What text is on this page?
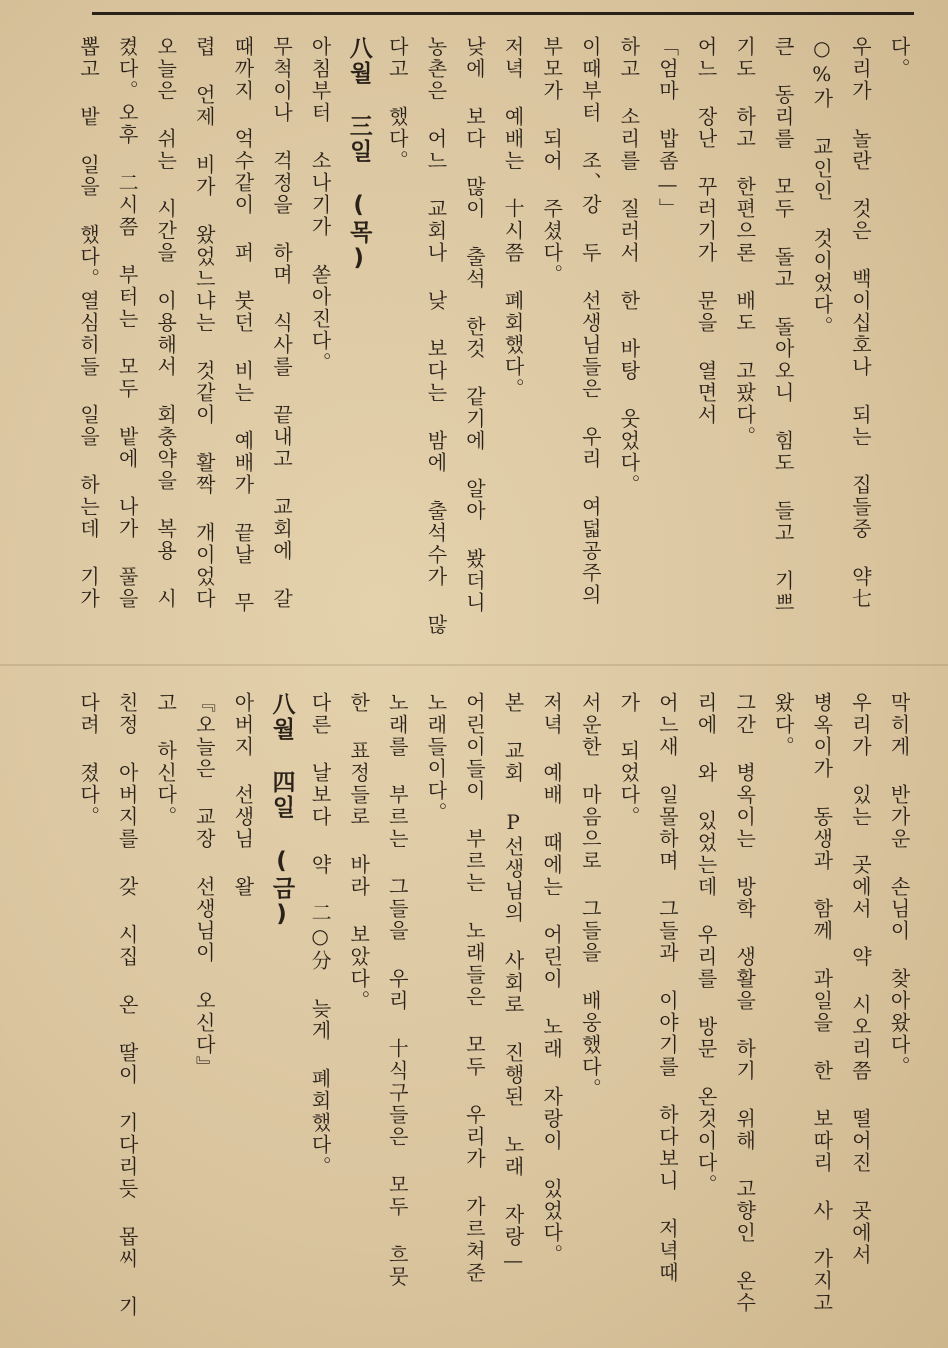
다。
우리가 놀란 것은 백이십호나 되는 집들중 약七
○%가 교인인 것이었다。
큰 동리를 모두 돌고 돌아오니 힘도 들고 기쁘
기도 하고 한편으론 배도 고팠다。
어느 장난 꾸러기가 문을 열면서
「엄마 밥좀—」
하고 소리를 질러서 한 바탕 웃었다。
이때부터 조、강 두 선생님들은 우리 여덟공주의
부모가 되어 주셨다。
저녁 예배는 十시쯤 폐회했다。
낮에 보다 많이 출석 한것 같기에 알아 봤더니
농촌은 어느 교회나 낮 보다는 밤에 출석수가 많
다고 했다。
八월 三일 (목)
아침부터 소나기가 쏟아진다。
무척이나 걱정을 하며 식사를 끝내고 교회에 갈
때까지 억수같이 퍼 붓던 비는 예배가 끝날 무
렵 언제 비가 왔었느냐는 것같이 활짝 개이었다
오늘은 쉬는 시간을 이용해서 회충약을 복용 시
켰다。오후 二시쯤 부터는 모두 밭에 나가 풀을
뽑고 밭 일을 했다。열심히들 일을 하는데 기가
막히게 반가운 손님이 찾아왔다。
우리가 있는 곳에서 약 시오리쯤 떨어진 곳에서
병옥이가 동생과 함께 과일을 한 보따리 사 가지고
왔다。
그간 병옥이는 방학 생활을 하기 위해 고향인 온수
리에 와 있었는데 우리를 방문 온것이다。
어느새 일몰하며 그들과 이야기를 하다보니 저녁때
가 되었다。
서운한 마음으로 그들을 배웅했다。
저녁 예배 때에는 어린이 노래 자랑이 있었다。
본 교회 P선생님의 사회로 진행된 노래 자랑—
어린이들이 부르는 노래들은 모두 우리가 가르쳐준
노래들이다。
노래를 부르는 그들을 우리 十식구들은 모두 흐뭇
한 표정들로 바라 보았다。
다른 날보다 약 二○分 늦게 폐회했다。
八월 四일 (금)
아버지 선생님 왈
『오늘은 교장 선생님이 오신다』
고 하신다。
친정 아버지를 갖 시집 온 딸이 기다리듯 몹씨 기
다려 졌다。
